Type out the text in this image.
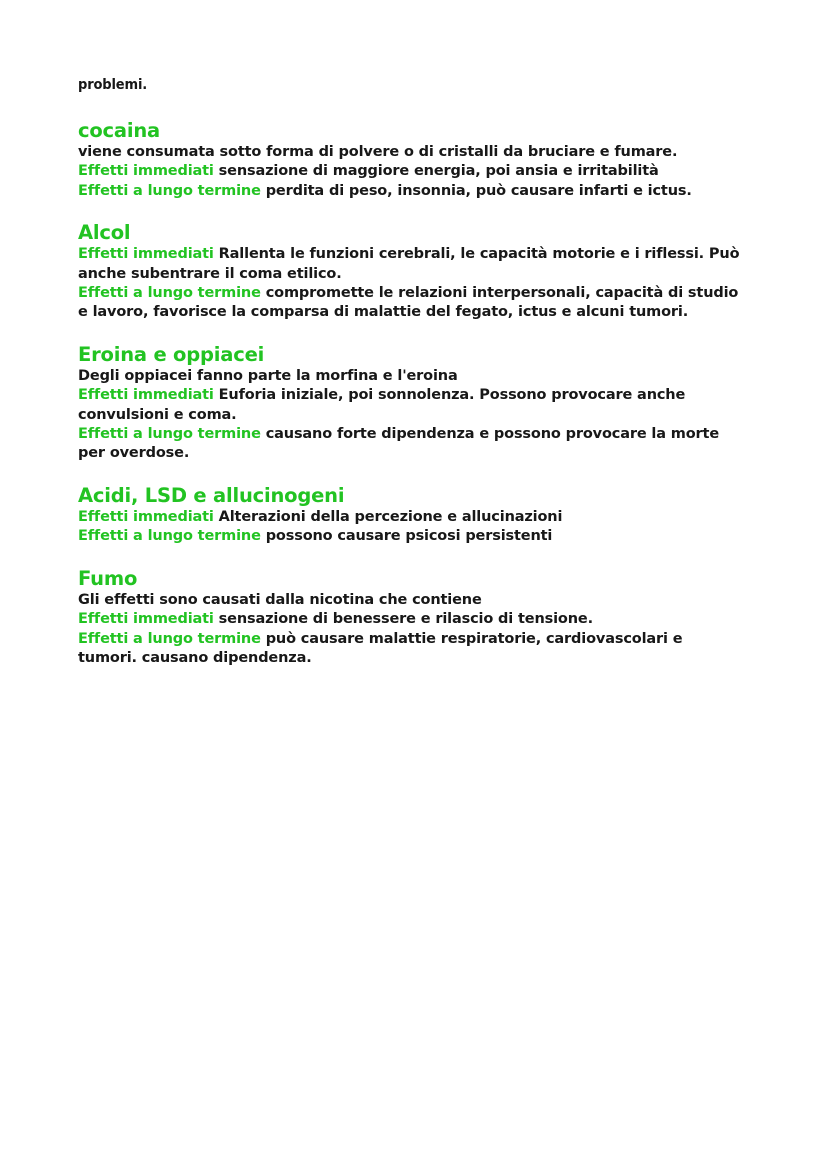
problemi.

cocaina

viene consumata sotto forma di polvere o di cristalli da bruciare e fumare.

Effetti immediati sensazione di maggiore energia, poi ansia e irritabilità

Effetti a lungo termine perdita di peso, insonnia, può causare infarti e ictus.

Alcol

Effetti immediati Rallenta le funzioni cerebrali, le capacità motorie e i riflessi. Può anche subentrare il coma etilico.

Effetti a lungo termine compromette le relazioni interpersonali, capacità di studio e lavoro, favorisce la comparsa di malattie del fegato, ictus e alcuni tumori.

Eroina e oppiacei

Degli oppiacei fanno parte la morfina e l'eroina

Effetti immediati Euforia iniziale, poi sonnolenza. Possono provocare anche convulsioni e coma.

Effetti a lungo termine causano forte dipendenza e possono provocare la morte per overdose.

Acidi, LSD e allucinogeni

Effetti immediati Alterazioni della percezione e allucinazioni

Effetti a lungo termine possono causare psicosi persistenti

Fumo

Gli effetti sono causati dalla nicotina che contiene

Effetti immediati sensazione di benessere e rilascio di tensione.

Effetti a lungo termine può causare malattie respiratorie, cardiovascolari e tumori. causano dipendenza.
